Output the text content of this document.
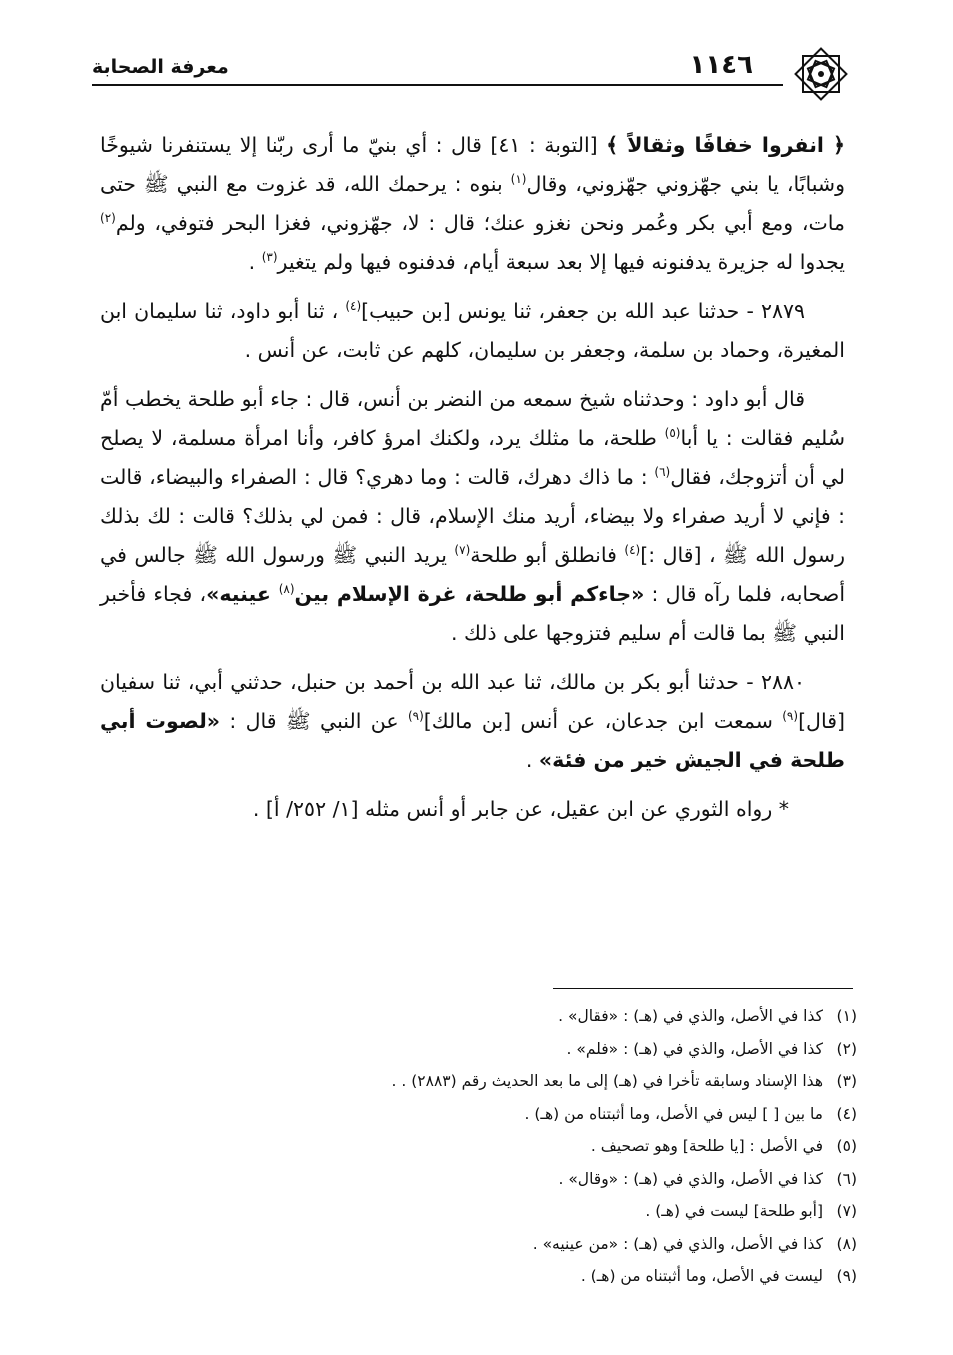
معرفة الصحابة	١١٤٦

﴿ انفروا خفافًا وثقالاً ﴾ [التوبة : ٤١] قال : أي بنيّ ما أرى ربّنا إلا يستنفرنا شيوخًا وشبابًا، يا بني جهّزوني جهّزوني، وقال$^{(١)}$ بنوه : يرحمك الله، قد غزوت مع النبي ﷺ حتى مات، ومع أبي بكر وعُمر ونحن نغزو عنك؛ قال : لا، جهّزوني، فغزا البحر فتوفي، ولم$^{(٢)}$ يجدوا له جزيرة يدفنونه فيها إلا بعد سبعة أيام، فدفنوه فيها ولم يتغير$^{(٣)}$ .

٢٨٧٩ - حدثنا عبد الله بن جعفر، ثنا يونس [بن حبيب]$^{(٤)}$ ، ثنا أبو داود، ثنا سليمان ابن المغيرة، وحماد بن سلمة، وجعفر بن سليمان، كلهم عن ثابت، عن أنس .

قال أبو داود : وحدثناه شيخ سمعه من النضر بن أنس، قال : جاء أبو طلحة يخطب أمّ سُليم فقالت : يا أبا$^{(٥)}$ طلحة، ما مثلك يرد، ولكنك امرؤ كافر، وأنا امرأة مسلمة، لا يصلح لي أن أتزوجك، فقال$^{(٦)}$ : ما ذاك دهرك، قالت : وما دهري؟ قال : الصفراء والبيضاء، قالت : فإني لا أريد صفراء ولا بيضاء، أريد منك الإسلام، قال : فمن لي بذلك؟ قالت : لك بذلك رسول الله ﷺ ، [قال :]$^{(٤)}$ فانطلق أبو طلحة$^{(٧)}$ يريد النبي ﷺ ورسول الله ﷺ جالس في أصحابه، فلما رآه قال : «جاءكم أبو طلحة، غرة الإسلام بين$^{(٨)}$ عينيه»، فجاء فأخبر النبي ﷺ بما قالت أم سليم فتزوجها على ذلك .

٢٨٨٠ - حدثنا أبو بكر بن مالك، ثنا عبد الله بن أحمد بن حنبل، حدثني أبي، ثنا سفيان [قال]$^{(٩)}$ سمعت ابن جدعان، عن أنس [بن مالك]$^{(٩)}$ عن النبي ﷺ قال : «لصوت أبي طلحة في الجيش خير من فئة» .

* رواه الثوري عن ابن عقيل، عن جابر أو أنس مثله [١/ ٢٥٢/ أ] .

(١)كذا في الأصل، والذي في (هـ) : «فقال» .
(٢)كذا في الأصل، والذي في (هـ) : «فلم» .
(٣)هذا الإسناد وسابقه تأخرا في (هـ) إلى ما بعد الحديث رقم (٢٨٨٣) . .
(٤)ما بين [ ] ليس في الأصل، وما أثبتناه من (هـ) .
(٥)في الأصل : [يا طلحة] وهو تصحيف .
(٦)كذا في الأصل، والذي في (هـ) : «وقال» .
(٧)[أبو طلحة] ليست في (هـ) .
(٨)كذا في الأصل، والذي في (هـ) : «من عينيه» .
(٩)ليست في الأصل، وما أثبتناه من (هـ) .
